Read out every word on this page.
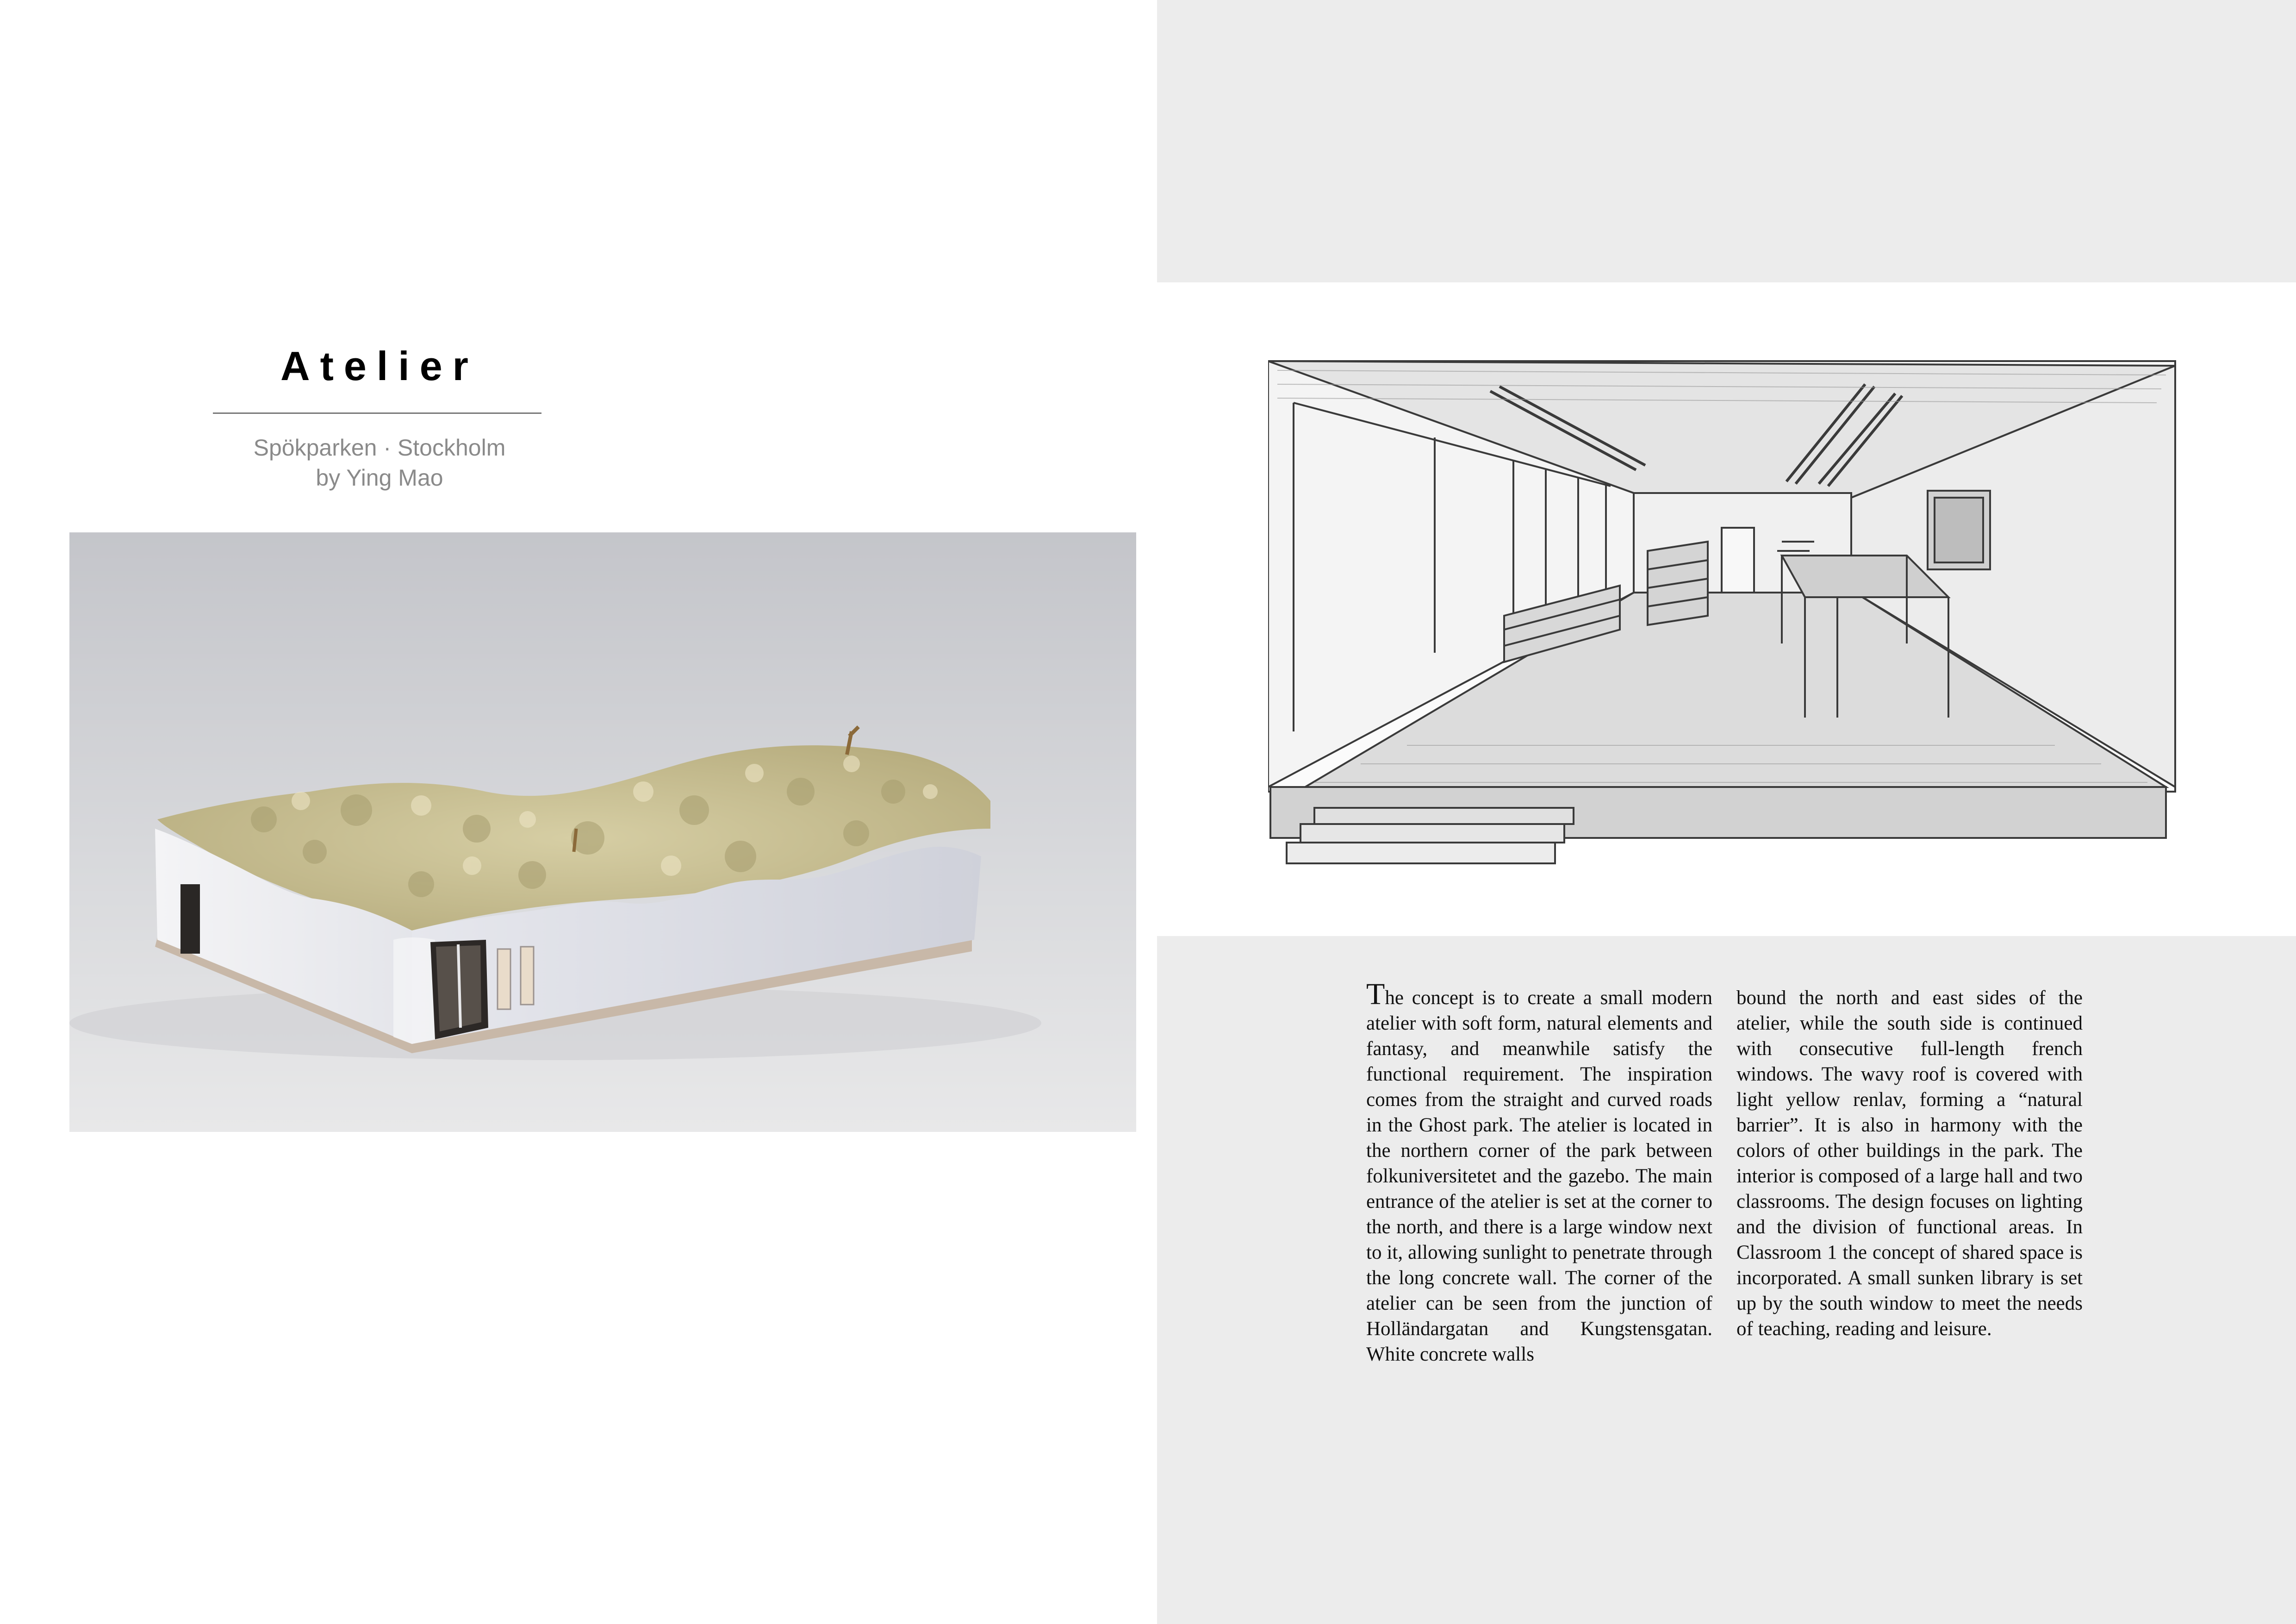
Atelier
Spökparken · Stockholm
by Ying Mao

The concept is to create a small modern atelier with soft form, natural elements and fantasy, and meanwhile satisfy the functional requirement. The inspiration comes from the straight and curved roads in the Ghost park. The atelier is located in the northern corner of the park between folkuniversitetet and the gazebo. The main entrance of the atelier is set at the corner to the north, and there is a large window next to it, allowing sunlight to penetrate through the long concrete wall. The corner of the atelier can be seen from the junction of Holländargatan and Kungstensgatan. White concrete walls

bound the north and east sides of the atelier, while the south side is continued with consecutive full-length french windows. The wavy roof is covered with light yellow renlav, forming a “natural barrier”. It is also in harmony with the colors of other buildings in the park. The interior is composed of a large hall and two classrooms. The design focuses on lighting and the division of functional areas. In Classroom 1 the concept of shared space is incorporated. A small sunken library is set up by the south window to meet the needs of teaching, reading and leisure.
